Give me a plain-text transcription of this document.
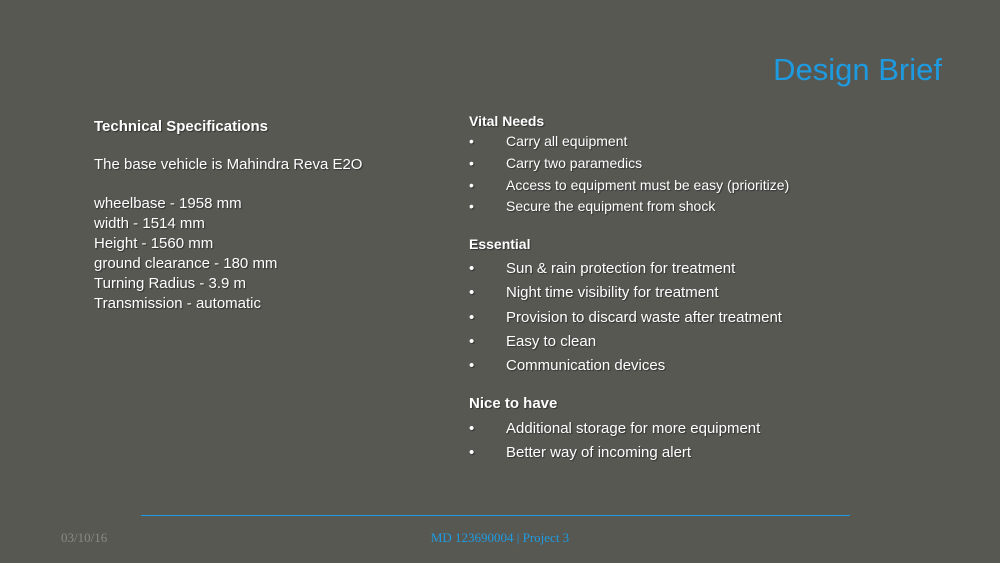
Design Brief
Technical Specifications
The base vehicle is Mahindra Reva E2O
wheelbase - 1958 mm
width - 1514 mm
Height - 1560 mm
ground clearance - 180 mm
Turning Radius - 3.9 m
Transmission - automatic
Vital Needs
• Carry all equipment
• Carry two paramedics
• Access to equipment must be easy (prioritize)
• Secure the equipment from shock
Essential
• Sun & rain protection for treatment
• Night time visibility for treatment
• Provision to discard waste after treatment
• Easy to clean
• Communication devices
Nice to have
• Additional storage for more equipment
• Better way of incoming alert
03/10/16	MD 123690004 | Project 3
